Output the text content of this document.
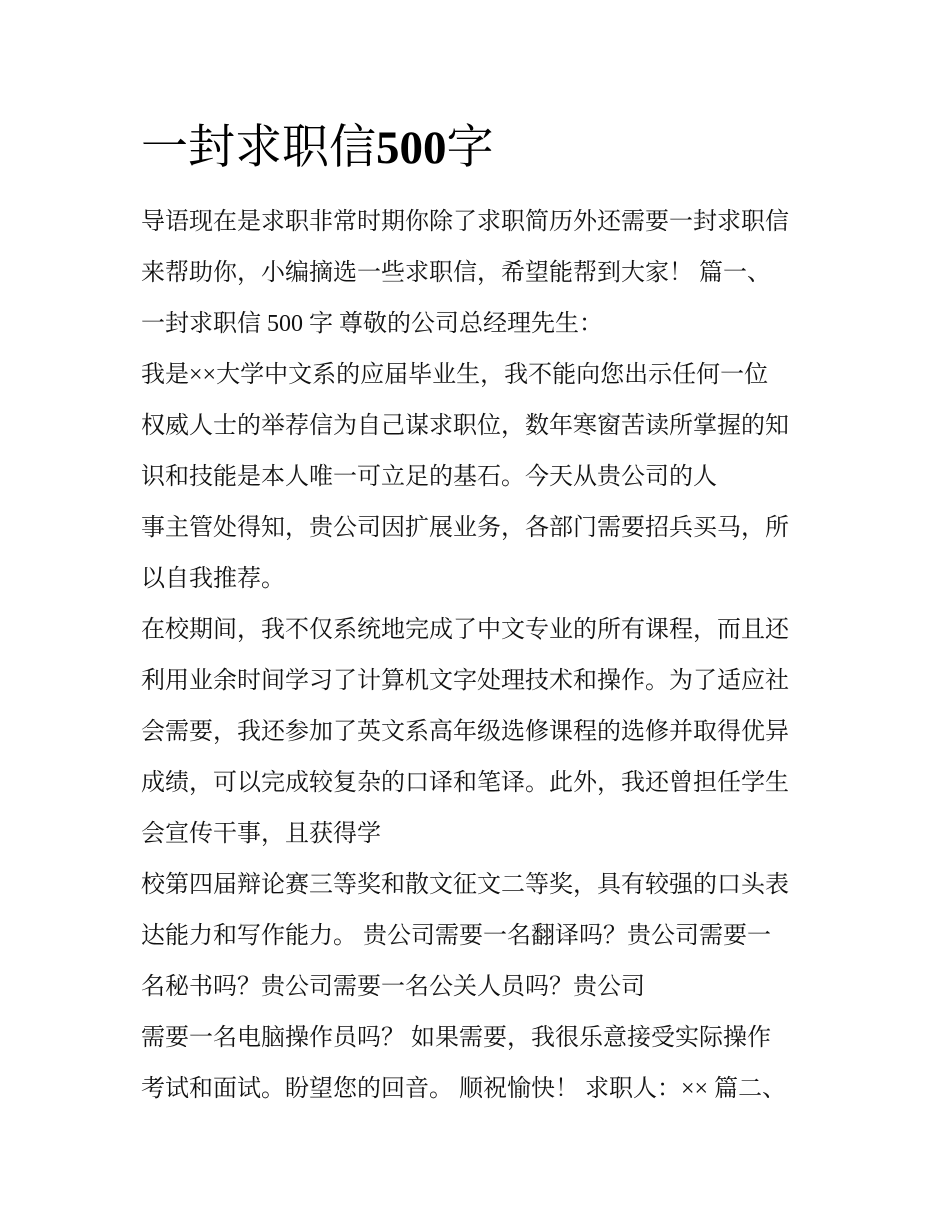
一封求职信500字

导语现在是求职非常时期你除了求职简历外还需要一封求职信

来帮助你，小编摘选一些求职信，希望能帮到大家！ 篇一、

一封求职信 500 字 尊敬的公司总经理先生：

我是××大学中文系的应届毕业生，我不能向您出示任何一位

权威人士的举荐信为自己谋求职位，数年寒窗苦读所掌握的知

识和技能是本人唯一可立足的基石。今天从贵公司的人

事主管处得知，贵公司因扩展业务，各部门需要招兵买马，所

以自我推荐。

在校期间，我不仅系统地完成了中文专业的所有课程，而且还

利用业余时间学习了计算机文字处理技术和操作。为了适应社

会需要，我还参加了英文系高年级选修课程的选修并取得优异

成绩，可以完成较复杂的口译和笔译。此外，我还曾担任学生

会宣传干事，且获得学

校第四届辩论赛三等奖和散文征文二等奖，具有较强的口头表

达能力和写作能力。 贵公司需要一名翻译吗？贵公司需要一

名秘书吗？贵公司需要一名公关人员吗？贵公司

需要一名电脑操作员吗？ 如果需要，我很乐意接受实际操作

考试和面试。盼望您的回音。 顺祝愉快！ 求职人：×× 篇二、
